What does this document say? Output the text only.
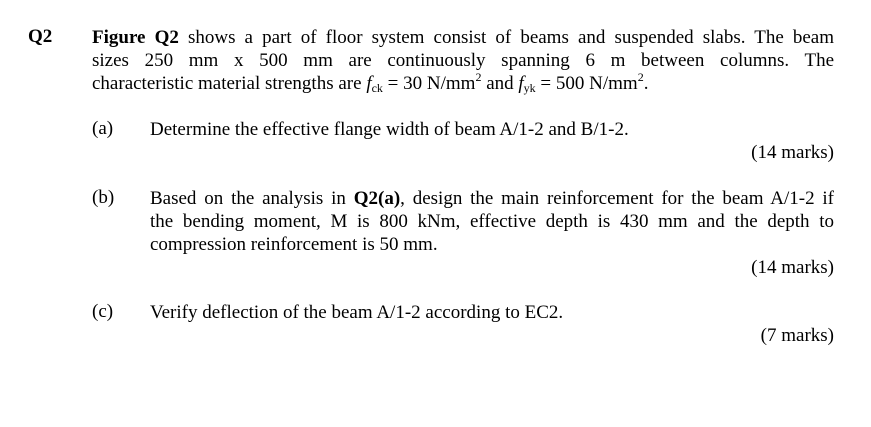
Q2 Figure Q2 shows a part of floor system consist of beams and suspended slabs. The beam
sizes 250 mm x 500 mm are continuously spanning 6 m between columns. The
characteristic material strengths are $f_{ck} = 30$ $N/mm^2$ and $f_{yk} = 500$ $N/mm^2$.
(a) Determine the effective flange width of beam A/1-2 and B/1-2.
(14 marks)
(b) Based on the analysis in Q2(a), design the main reinforcement for the beam A/1-2 if
the bending moment, M is 800 kNm, effective depth is 430 mm and the depth to
compression reinforcement is 50 mm.
(14 marks)
(c) Verify deflection of the beam A/1-2 according to EC2.
(7 marks)
